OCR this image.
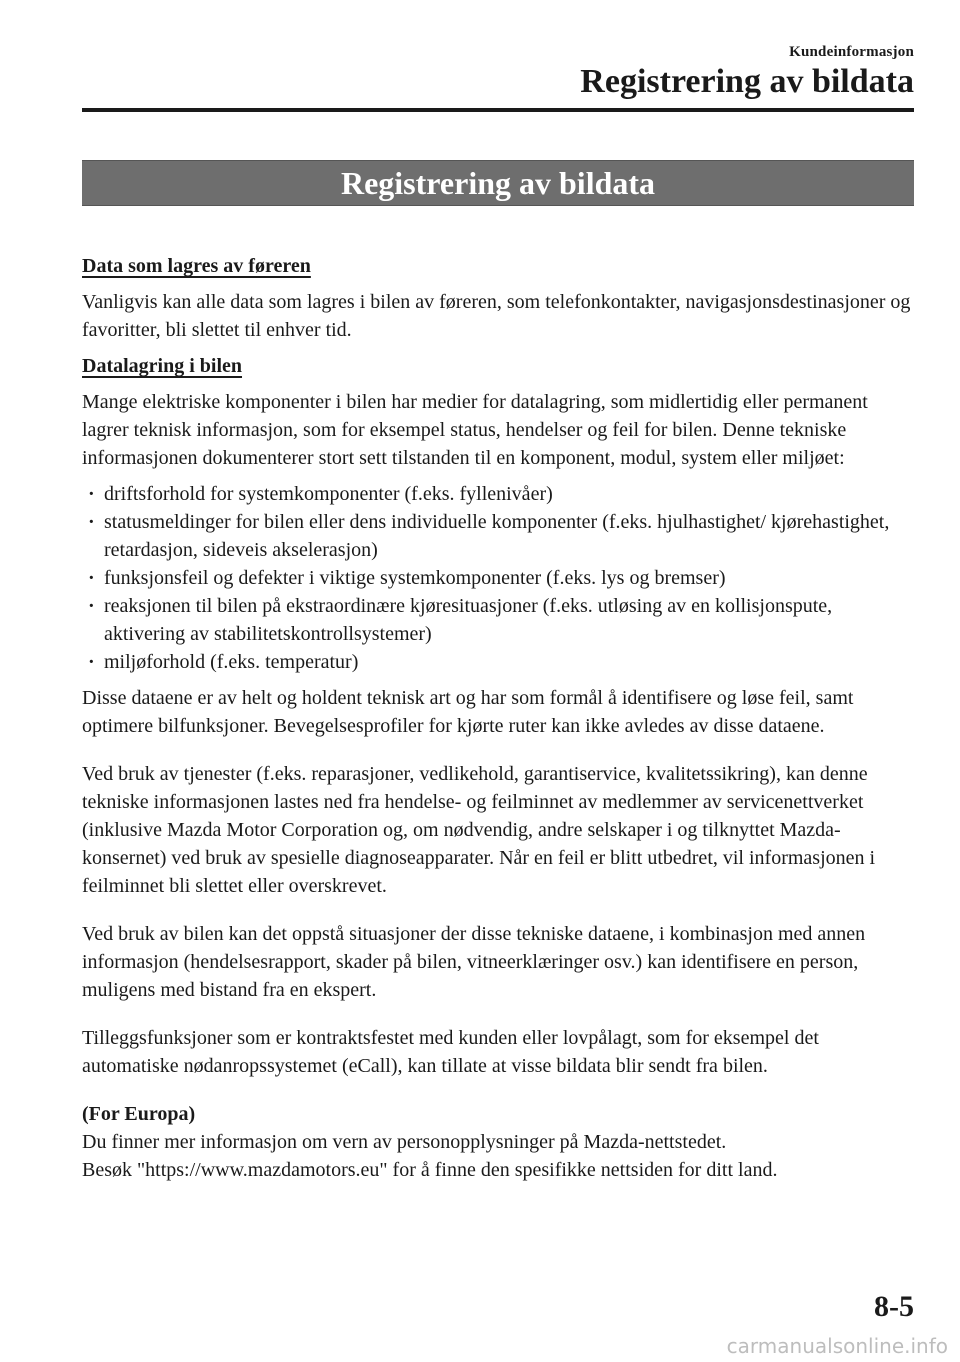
Kundeinformasjon
Registrering av bildata
Registrering av bildata
Data som lagres av føreren

Vanligvis kan alle data som lagres i bilen av føreren, som telefonkontakter, navigasjonsdestinasjoner og favoritter, bli slettet til enhver tid.

Datalagring i bilen

Mange elektriske komponenter i bilen har medier for datalagring, som midlertidig eller permanent lagrer teknisk informasjon, som for eksempel status, hendelser og feil for bilen. Denne tekniske informasjonen dokumenterer stort sett tilstanden til en komponent, modul, system eller miljøet:

· driftsforhold for systemkomponenter (f.eks. fyllenivåer)
· statusmeldinger for bilen eller dens individuelle komponenter (f.eks. hjulhastighet/ kjørehastighet, retardasjon, sideveis akselerasjon)
· funksjonsfeil og defekter i viktige systemkomponenter (f.eks. lys og bremser)
· reaksjonen til bilen på ekstraordinære kjøresituasjoner (f.eks. utløsing av en kollisjonspute, aktivering av stabilitetskontrollsystemer)
· miljøforhold (f.eks. temperatur)

Disse dataene er av helt og holdent teknisk art og har som formål å identifisere og løse feil, samt optimere bilfunksjoner. Bevegelsesprofiler for kjørte ruter kan ikke avledes av disse dataene.

Ved bruk av tjenester (f.eks. reparasjoner, vedlikehold, garantiservice, kvalitetssikring), kan denne tekniske informasjonen lastes ned fra hendelse- og feilminnet av medlemmer av servicenettverket (inklusive Mazda Motor Corporation og, om nødvendig, andre selskaper i og tilknyttet Mazda-konsernet) ved bruk av spesielle diagnoseapparater. Når en feil er blitt utbedret, vil informasjonen i feilminnet bli slettet eller overskrevet.

Ved bruk av bilen kan det oppstå situasjoner der disse tekniske dataene, i kombinasjon med annen informasjon (hendelsesrapport, skader på bilen, vitneerklæringer osv.) kan identifisere en person, muligens med bistand fra en ekspert.

Tilleggsfunksjoner som er kontraktsfestet med kunden eller lovpålagt, som for eksempel det automatiske nødanropssystemet (eCall), kan tillate at visse bildata blir sendt fra bilen.

(For Europa)
Du finner mer informasjon om vern av personopplysninger på Mazda-nettstedet.
Besøk "https://www.mazdamotors.eu" for å finne den spesifikke nettsiden for ditt land.
8-5
carmanualsonline.info
